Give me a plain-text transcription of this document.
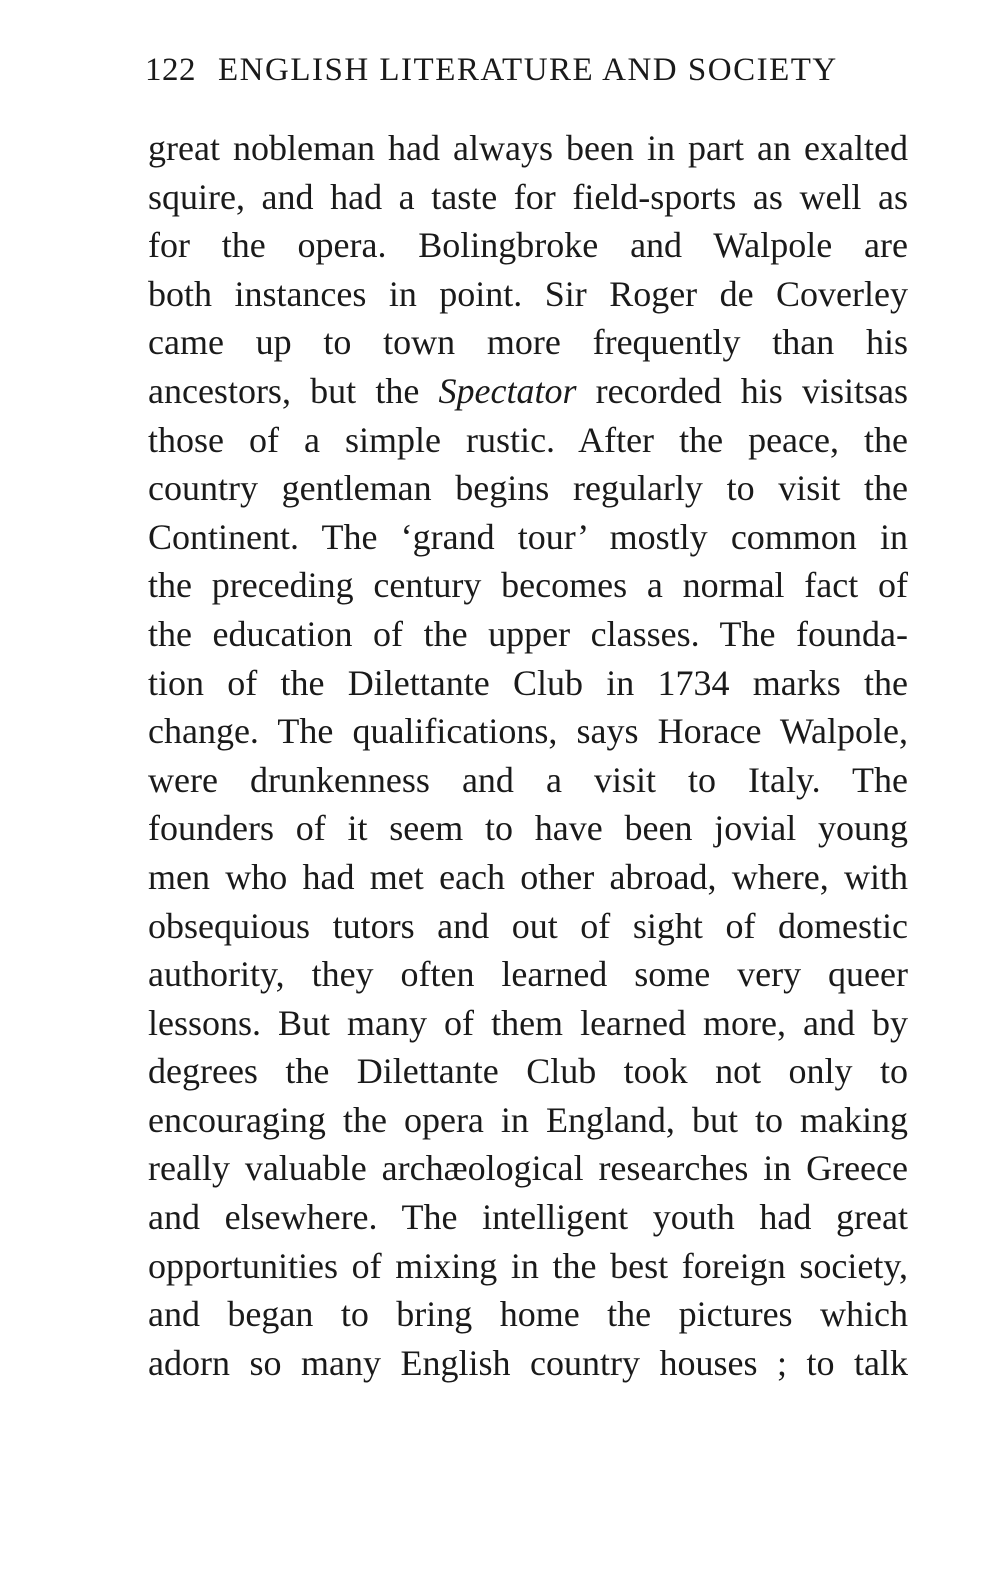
122 ENGLISH LITERATURE AND SOCIETY
great nobleman had always been in part an exalted
squire, and had a taste for field-sports as well as
for the opera. Bolingbroke and Walpole are
both instances in point. Sir Roger de Coverley
came up to town more frequently than his
ancestors, but the Spectator recorded his visitsas
those of a simple rustic. After the peace, the
country gentleman begins regularly to visit the
Continent. The ‘grand tour’ mostly common in
the preceding century becomes a normal fact of
the education of the upper classes. The founda-
tion of the Dilettante Club in 1734 marks the
change. The qualifications, says Horace Walpole,
were drunkenness and a visit to Italy. The
founders of it seem to have been jovial young
men who had met each other abroad, where, with
obsequious tutors and out of sight of domestic
authority, they often learned some very queer
lessons. But many of them learned more, and by
degrees the Dilettante Club took not only to
encouraging the opera in England, but to making
really valuable archæological researches in Greece
and elsewhere. The intelligent youth had great
opportunities of mixing in the best foreign society,
and began to bring home the pictures which
adorn so many English country houses ; to talk
